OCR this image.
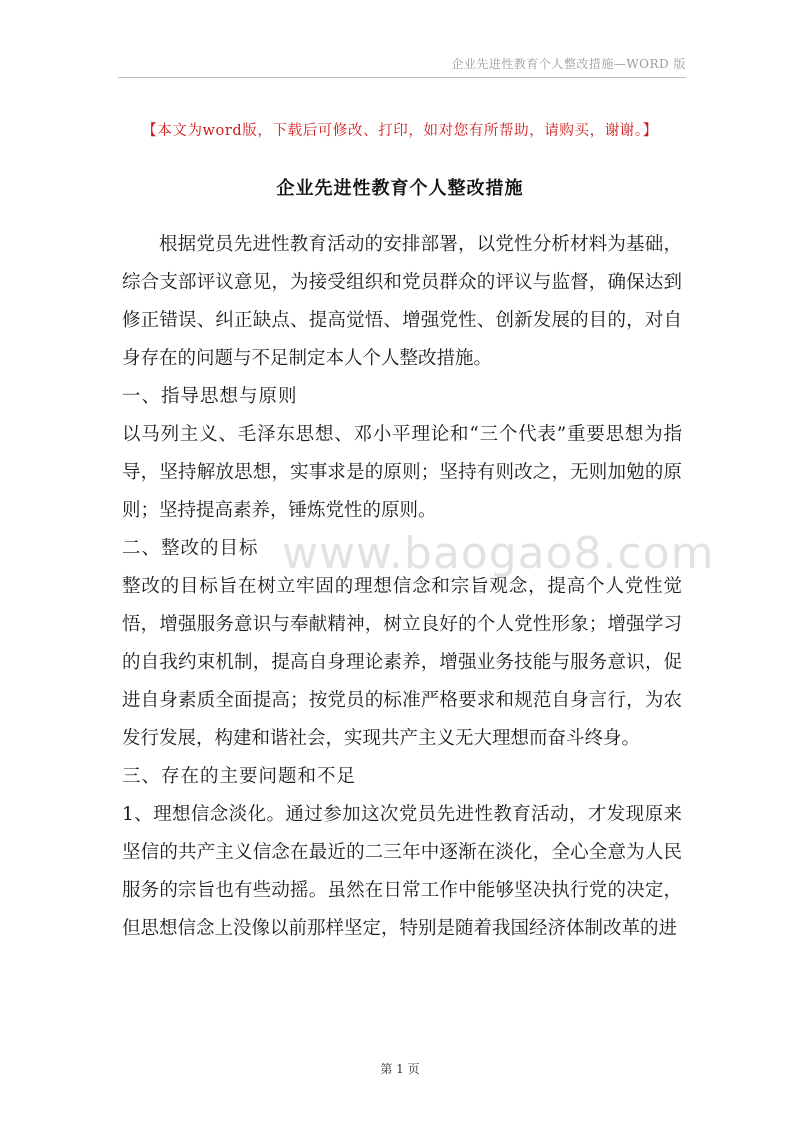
企业先进性教育个人整改措施—WORD 版
【本文为word版，下载后可修改、打印，如对您有所帮助，请购买，谢谢。】
企业先进性教育个人整改措施

根据党员先进性教育活动的安排部署，以党性分析材料为基础，综合支部评议意见，为接受组织和党员群众的评议与监督，确保达到修正错误、纠正缺点、提高觉悟、增强党性、创新发展的目的，对自身存在的问题与不足制定本人个人整改措施。

一、指导思想与原则

以马列主义、毛泽东思想、邓小平理论和“三个代表”重要思想为指导，坚持解放思想，实事求是的原则；坚持有则改之，无则加勉的原则；坚持提高素养，锤炼党性的原则。

二、整改的目标

整改的目标旨在树立牢固的理想信念和宗旨观念，提高个人党性觉悟，增强服务意识与奉献精神，树立良好的个人党性形象；增强学习的自我约束机制，提高自身理论素养，增强业务技能与服务意识，促进自身素质全面提高；按党员的标准严格要求和规范自身言行，为农发行发展，构建和谐社会，实现共产主义无大理想而奋斗终身。

三、存在的主要问题和不足

1、理想信念淡化。通过参加这次党员先进性教育活动，才发现原来坚信的共产主义信念在最近的二三年中逐渐在淡化，全心全意为人民服务的宗旨也有些动摇。虽然在日常工作中能够坚决执行党的决定，但思想信念上没像以前那样坚定，特别是随着我国经济体制改革的进

www.baogao8.com
第 1 页
